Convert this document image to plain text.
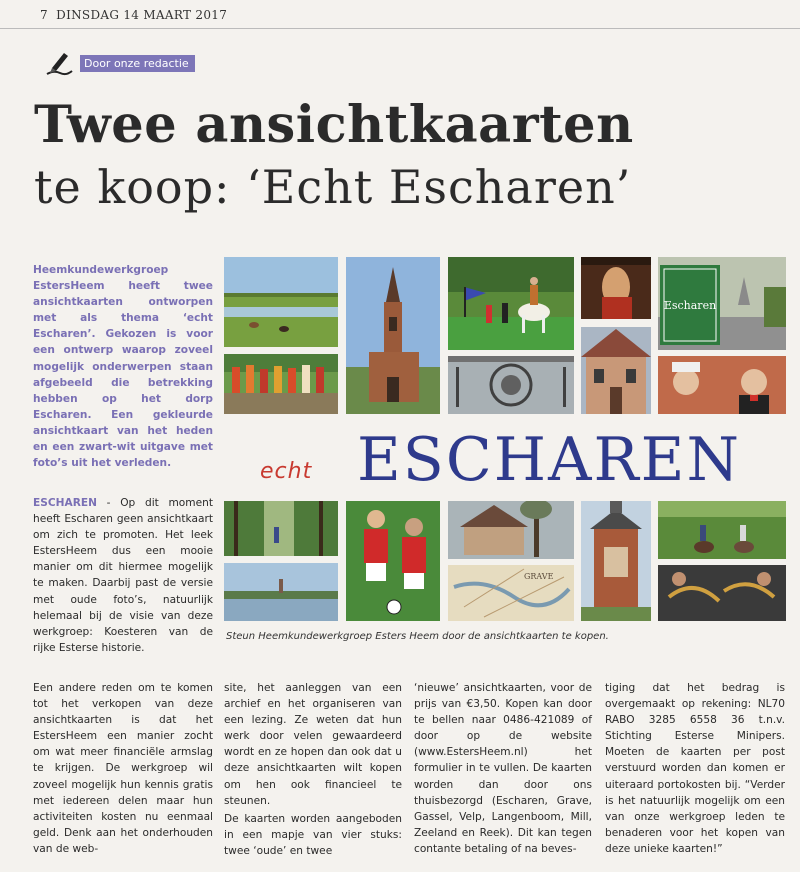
7 DINSDAG 14 MAART 2017
Door onze redactie
Twee ansichtkaarten
te koop: ‘Echt Escharen’
Heemkundewerkgroep EstersHeem heeft twee ansichtkaarten ontworpen met als thema ‘echt Escharen’. Gekozen is voor een ontwerp waarop zoveel mogelijk onderwerpen staan afgebeeld die betrekking hebben op het dorp Escharen. Een gekleurde ansichtkaart van het heden en een zwart-wit uitgave met foto’s uit het verleden.
ESCHAREN - Op dit moment heeft Escharen geen ansichtkaart om zich te promoten. Het leek EstersHeem dus een mooie manier om dit hiermee mogelijk te maken. Daarbij past de versie met oude foto’s, natuurlijk helemaal bij de visie van deze werkgroep: Koesteren van de rijke Esterse historie.
Escharen
GRAVE
echt ESCHAREN
Steun Heemkundewerkgroep Esters Heem door de ansichtkaarten te kopen.
Een andere reden om te komen tot het verkopen van deze ansichtkaarten is dat het EstersHeem een manier zocht om wat meer financiële armslag te krijgen. De werkgroep wil zoveel mogelijk hun kennis gratis met iedereen delen maar hun activiteiten kosten nu eenmaal geld. Denk aan het onderhouden van de web-

site, het aanleggen van een archief en het organiseren van een lezing. Ze weten dat hun werk door velen gewaardeerd wordt en ze hopen dan ook dat u deze ansichtkaarten wilt kopen om hen ook financieel te steunen.

De kaarten worden aangeboden in een mapje van vier stuks: twee ‘oude’ en twee

‘nieuwe’ ansichtkaarten, voor de prijs van €3,50. Kopen kan door te bellen naar 0486-421089 of door op de website (www.EstersHeem.nl) het formulier in te vullen. De kaarten worden dan door ons thuisbezorgd (Escharen, Grave, Gassel, Velp, Langenboom, Mill, Zeeland en Reek). Dit kan tegen contante betaling of na beves-
tiging dat het bedrag is overgemaakt op rekening: NL70 RABO 3285 6558 36 t.n.v. Stichting Esterse Minipers. Moeten de kaarten per post verstuurd worden dan komen er uiteraard portokosten bij. “Verder is het natuurlijk mogelijk om een van onze werkgroep leden te benaderen voor het kopen van deze unieke kaarten!”
